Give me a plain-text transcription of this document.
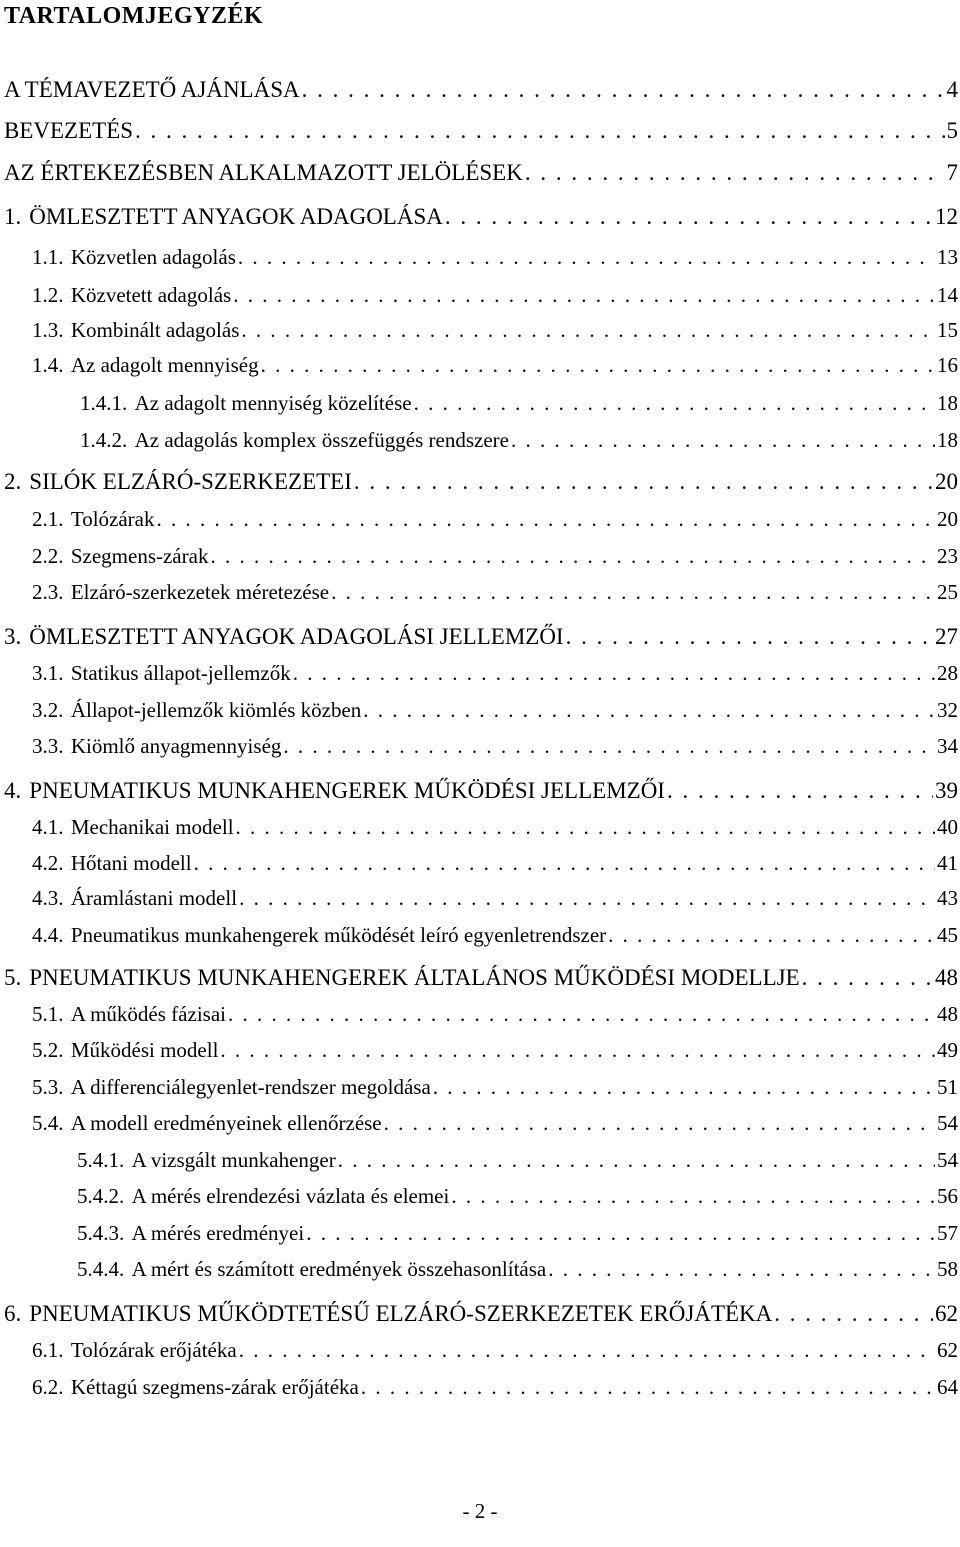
TARTALOMJEGYZÉK
A TÉMAVEZETŐ AJÁNLÁSA . . .	4
BEVEZETÉS . . .	5
AZ ÉRTEKEZÉSBEN ALKALMAZOTT JELÖLÉSEK . . .	7
1. ÖMLESZTETT ANYAGOK ADAGOLÁSA . . .	12
1.1. Közvetlen adagolás . . .	13
1.2. Közvetett adagolás . . .	14
1.3. Kombinált adagolás . . .	15
1.4. Az adagolt mennyiség . . .	16
1.4.1. Az adagolt mennyiség közelítése . . .	18
1.4.2. Az adagolás komplex összefüggés rendszere . . .	18
2. SILÓK ELZÁRÓ-SZERKEZETEI . . .	20
2.1. Tolózárak . . .	20
2.2. Szegmens-zárak . . .	23
2.3. Elzáró-szerkezetek méretezése . . .	25
3. ÖMLESZTETT ANYAGOK ADAGOLÁSI JELLEMZŐI . . .	27
3.1. Statikus állapot-jellemzők . . .	28
3.2. Állapot-jellemzők kiömlés közben . . .	32
3.3. Kiömlő anyagmennyiség . . .	34
4. PNEUMATIKUS MUNKAHENGEREK MŰKÖDÉSI JELLEMZŐI . . .	39
4.1. Mechanikai modell . . .	40
4.2. Hőtani modell . . .	41
4.3. Áramlástani modell . . .	43
4.4. Pneumatikus munkahengerek működését leíró egyenletrendszer . . .	45
5. PNEUMATIKUS MUNKAHENGEREK ÁLTALÁNOS MŰKÖDÉSI MODELLJE . . .	48
5.1. A működés fázisai . . .	48
5.2. Működési modell . . .	49
5.3. A differenciálegyenlet-rendszer megoldása . . .	51
5.4. A modell eredményeinek ellenőrzése . . .	54
5.4.1. A vizsgált munkahenger . . .	54
5.4.2. A mérés elrendezési vázlata és elemei . . .	56
5.4.3. A mérés eredményei . . .	57
5.4.4. A mért és számított eredmények összehasonlítása . . .	58
6. PNEUMATIKUS MŰKÖDTETÉSŰ ELZÁRÓ-SZERKEZETEK ERŐJÁTÉKA . . .	62
6.1. Tolózárak erőjátéka . . .	62
6.2. Kéttagú szegmens-zárak erőjátéka . . .	64
- 2 -
